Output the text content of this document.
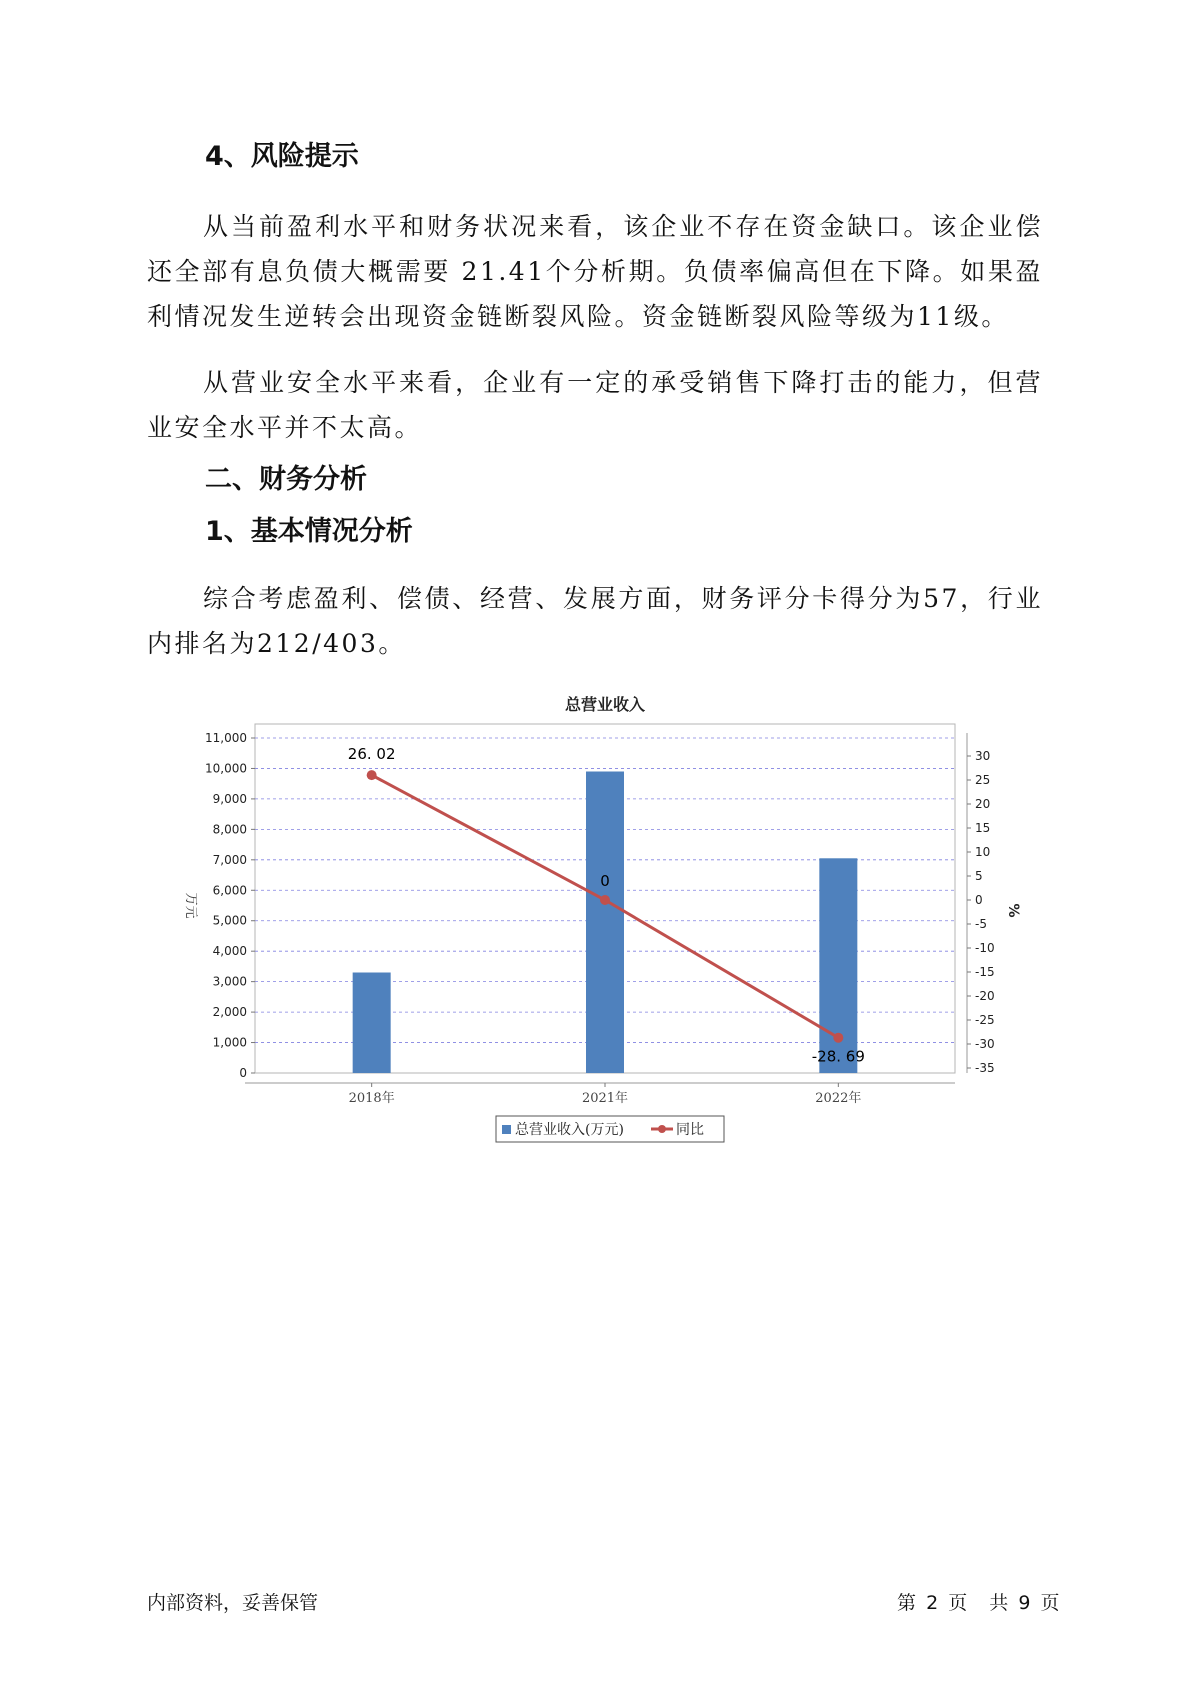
4、风险提示

从当前盈利水平和财务状况来看，该企业不存在资金缺口。该企业偿还全部有息负债大概需要 21.41个分析期。负债率偏高但在下降。如果盈利情况发生逆转会出现资金链断裂风险。资金链断裂风险等级为11级。

从营业安全水平来看，企业有一定的承受销售下降打击的能力，但营业安全水平并不太高。

二、财务分析
1、基本情况分析

综合考虑盈利、偿债、经营、发展方面，财务评分卡得分为57，行业内排名为212/403。

总营业收入
0
1,000
2,000
3,000
4,000
5,000
6,000
7,000
8,000
9,000
10,000
11,000
万元
30
25
20
15
10
5
0
-5
-10
-15
-20
-25
-30
-35
%
2018年	2021年	2022年
26. 02
0
-28. 69
总营业收入(万元)	同比
内部资料，妥善保管	第 2 页 共 9 页
